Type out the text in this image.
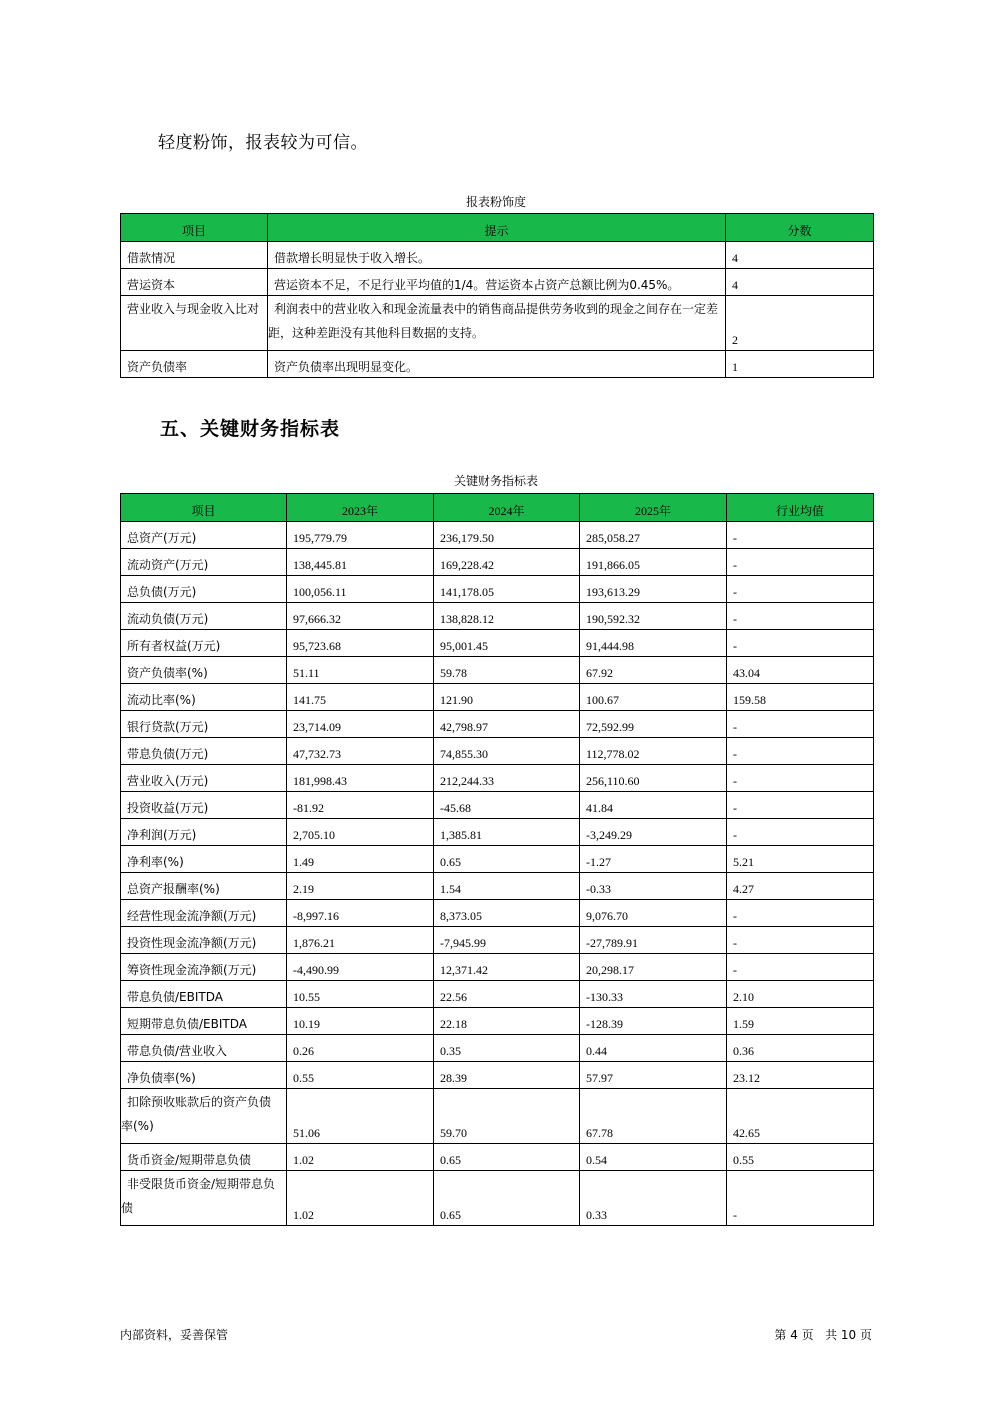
轻度粉饰，报表较为可信。
报表粉饰度
项目	提示	分数
借款情况	借款增长明显快于收入增长。	4
营运资本	营运资本不足，不足行业平均值的1/4。营运资本占资产总额比例为0.45%。	4
营业收入与现金收入比对	利润表中的营业收入和现金流量表中的销售商品提供劳务收到的现金之间存在一定差距，这种差距没有其他科目数据的支持。	2
资产负债率	资产负债率出现明显变化。	1
五、关键财务指标表
关键财务指标表
项目	2023年	2024年	2025年	行业均值
总资产(万元)	195,779.79	236,179.50	285,058.27	-
流动资产(万元)	138,445.81	169,228.42	191,866.05	-
总负债(万元)	100,056.11	141,178.05	193,613.29	-
流动负债(万元)	97,666.32	138,828.12	190,592.32	-
所有者权益(万元)	95,723.68	95,001.45	91,444.98	-
资产负债率(%)	51.11	59.78	67.92	43.04
流动比率(%)	141.75	121.90	100.67	159.58
银行贷款(万元)	23,714.09	42,798.97	72,592.99	-
带息负债(万元)	47,732.73	74,855.30	112,778.02	-
营业收入(万元)	181,998.43	212,244.33	256,110.60	-
投资收益(万元)	-81.92	-45.68	41.84	-
净利润(万元)	2,705.10	1,385.81	-3,249.29	-
净利率(%)	1.49	0.65	-1.27	5.21
总资产报酬率(%)	2.19	1.54	-0.33	4.27
经营性现金流净额(万元)	-8,997.16	8,373.05	9,076.70	-
投资性现金流净额(万元)	1,876.21	-7,945.99	-27,789.91	-
筹资性现金流净额(万元)	-4,490.99	12,371.42	20,298.17	-
带息负债/EBITDA	10.55	22.56	-130.33	2.10
短期带息负债/EBITDA	10.19	22.18	-128.39	1.59
带息负债/营业收入	0.26	0.35	0.44	0.36
净负债率(%)	0.55	28.39	57.97	23.12
扣除预收账款后的资产负债率(%)	51.06	59.70	67.78	42.65
货币资金/短期带息负债	1.02	0.65	0.54	0.55
非受限货币资金/短期带息负债	1.02	0.65	0.33	-
内部资料，妥善保管	第 4 页   共 10 页
